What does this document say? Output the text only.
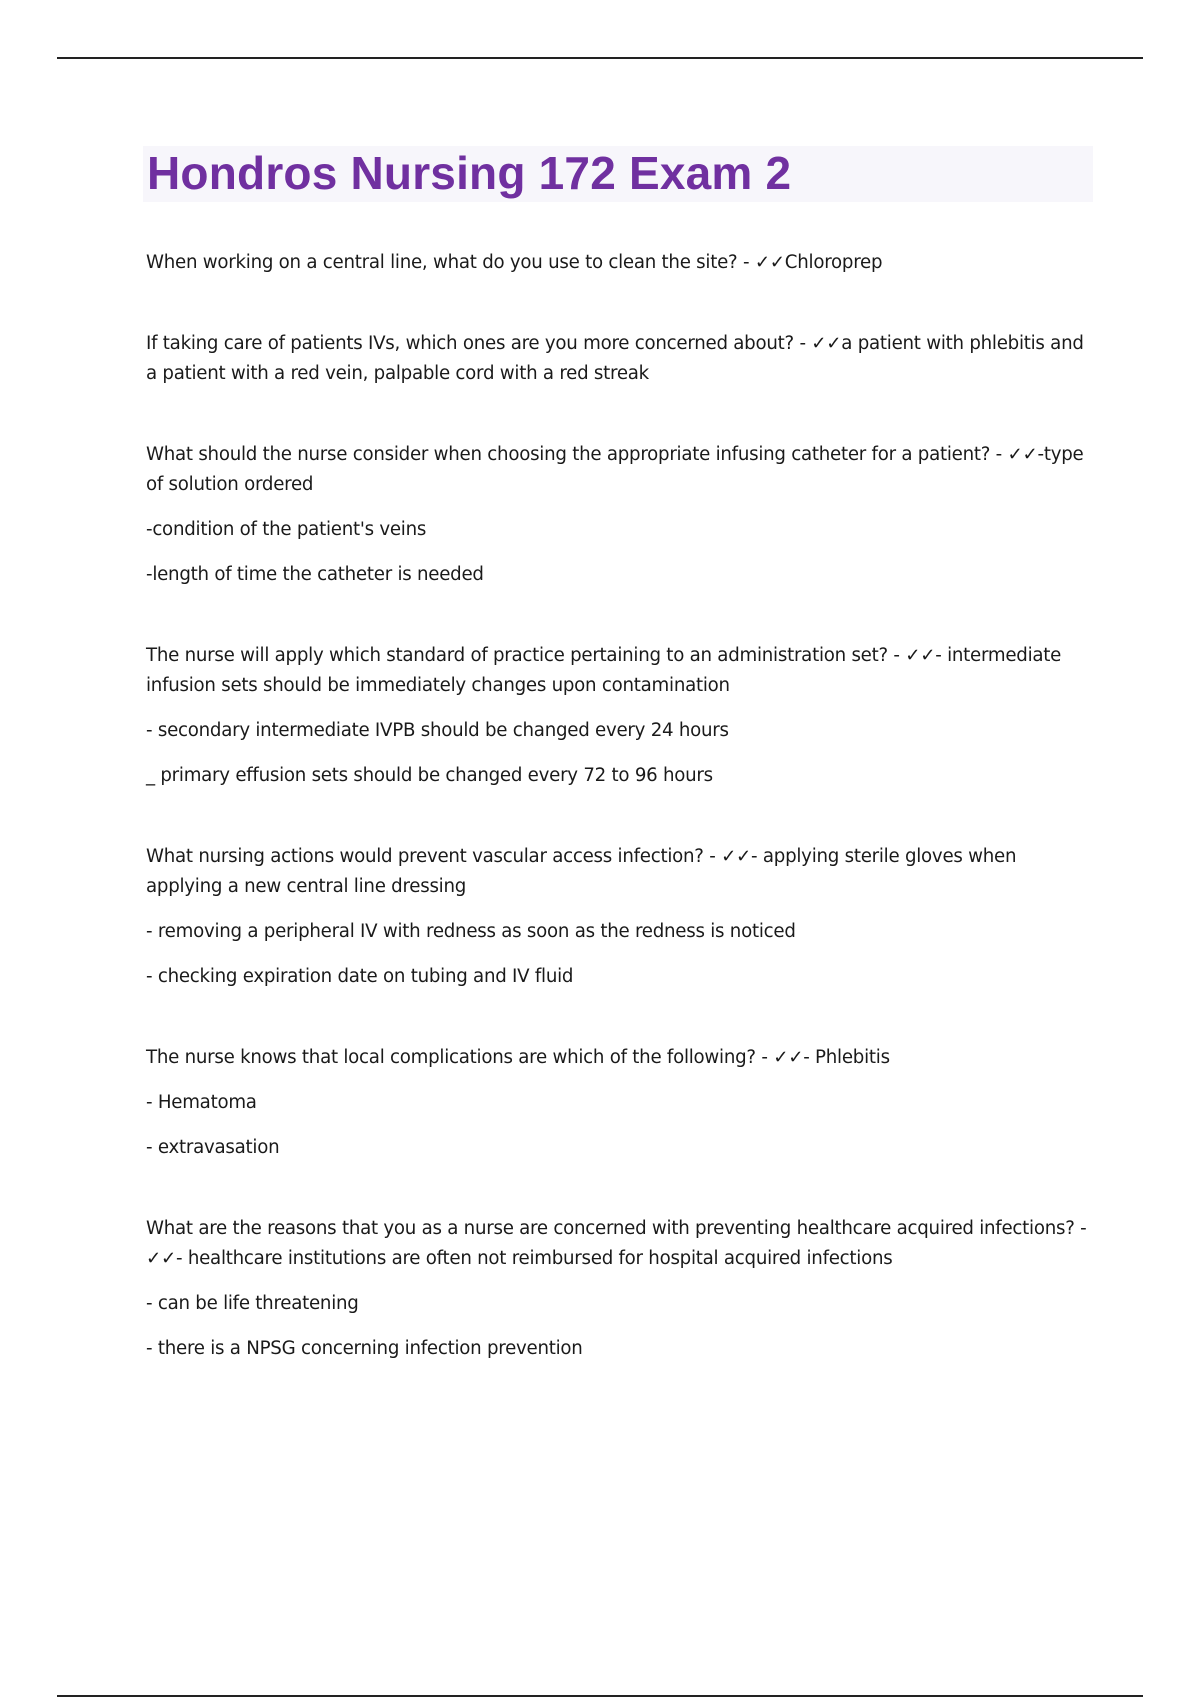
Hondros Nursing 172 Exam 2

When working on a central line, what do you use to clean the site? - ✓✓Chloroprep

If taking care of patients IVs, which ones are you more concerned about? - ✓✓a patient with phlebitis and a patient with a red vein, palpable cord with a red streak

What should the nurse consider when choosing the appropriate infusing catheter for a patient? - ✓✓-type of solution ordered

-condition of the patient's veins

-length of time the catheter is needed

The nurse will apply which standard of practice pertaining to an administration set? - ✓✓- intermediate infusion sets should be immediately changes upon contamination

- secondary intermediate IVPB should be changed every 24 hours

_ primary effusion sets should be changed every 72 to 96 hours

What nursing actions would prevent vascular access infection? - ✓✓- applying sterile gloves when applying a new central line dressing

- removing a peripheral IV with redness as soon as the redness is noticed

- checking expiration date on tubing and IV fluid

The nurse knows that local complications are which of the following? - ✓✓- Phlebitis

- Hematoma

- extravasation

What are the reasons that you as a nurse are concerned with preventing healthcare acquired infections? - ✓✓- healthcare institutions are often not reimbursed for hospital acquired infections

- can be life threatening

- there is a NPSG concerning infection prevention
